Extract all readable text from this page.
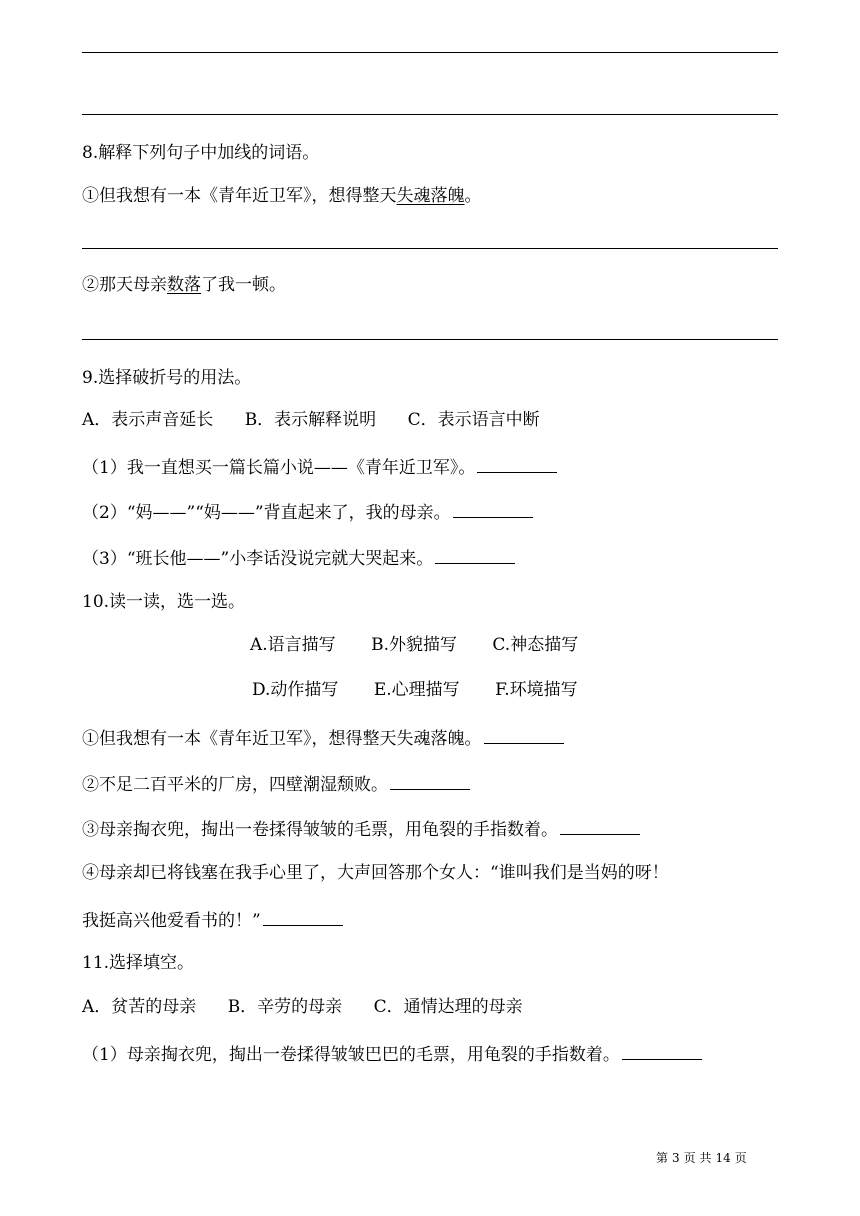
8.解释下列句子中加线的词语。
①但我想有一本《青年近卫军》，想得整天失魂落魄。
②那天母亲数落了我一顿。
9.选择破折号的用法。
A．表示声音延长 B．表示解释说明 C．表示语言中断
（1）我一直想买一篇长篇小说——《青年近卫军》。
（2）“妈——”“妈——”背直起来了，我的母亲。
（3）“班长他——”小李话没说完就大哭起来。
10.读一读，选一选。
A.语言描写 B.外貌描写 C.神态描写
D.动作描写 E.心理描写 F.环境描写
①但我想有一本《青年近卫军》，想得整天失魂落魄。
②不足二百平米的厂房，四壁潮湿颓败。
③母亲掏衣兜，掏出一卷揉得皱皱的毛票，用龟裂的手指数着。
④母亲却已将钱塞在我手心里了，大声回答那个女人：“谁叫我们是当妈的呀！
我挺高兴他爱看书的！”
11.选择填空。
A．贫苦的母亲 B．辛劳的母亲 C．通情达理的母亲
（1）母亲掏衣兜，掏出一卷揉得皱皱巴巴的毛票，用龟裂的手指数着。
第 3 页 共 14 页
